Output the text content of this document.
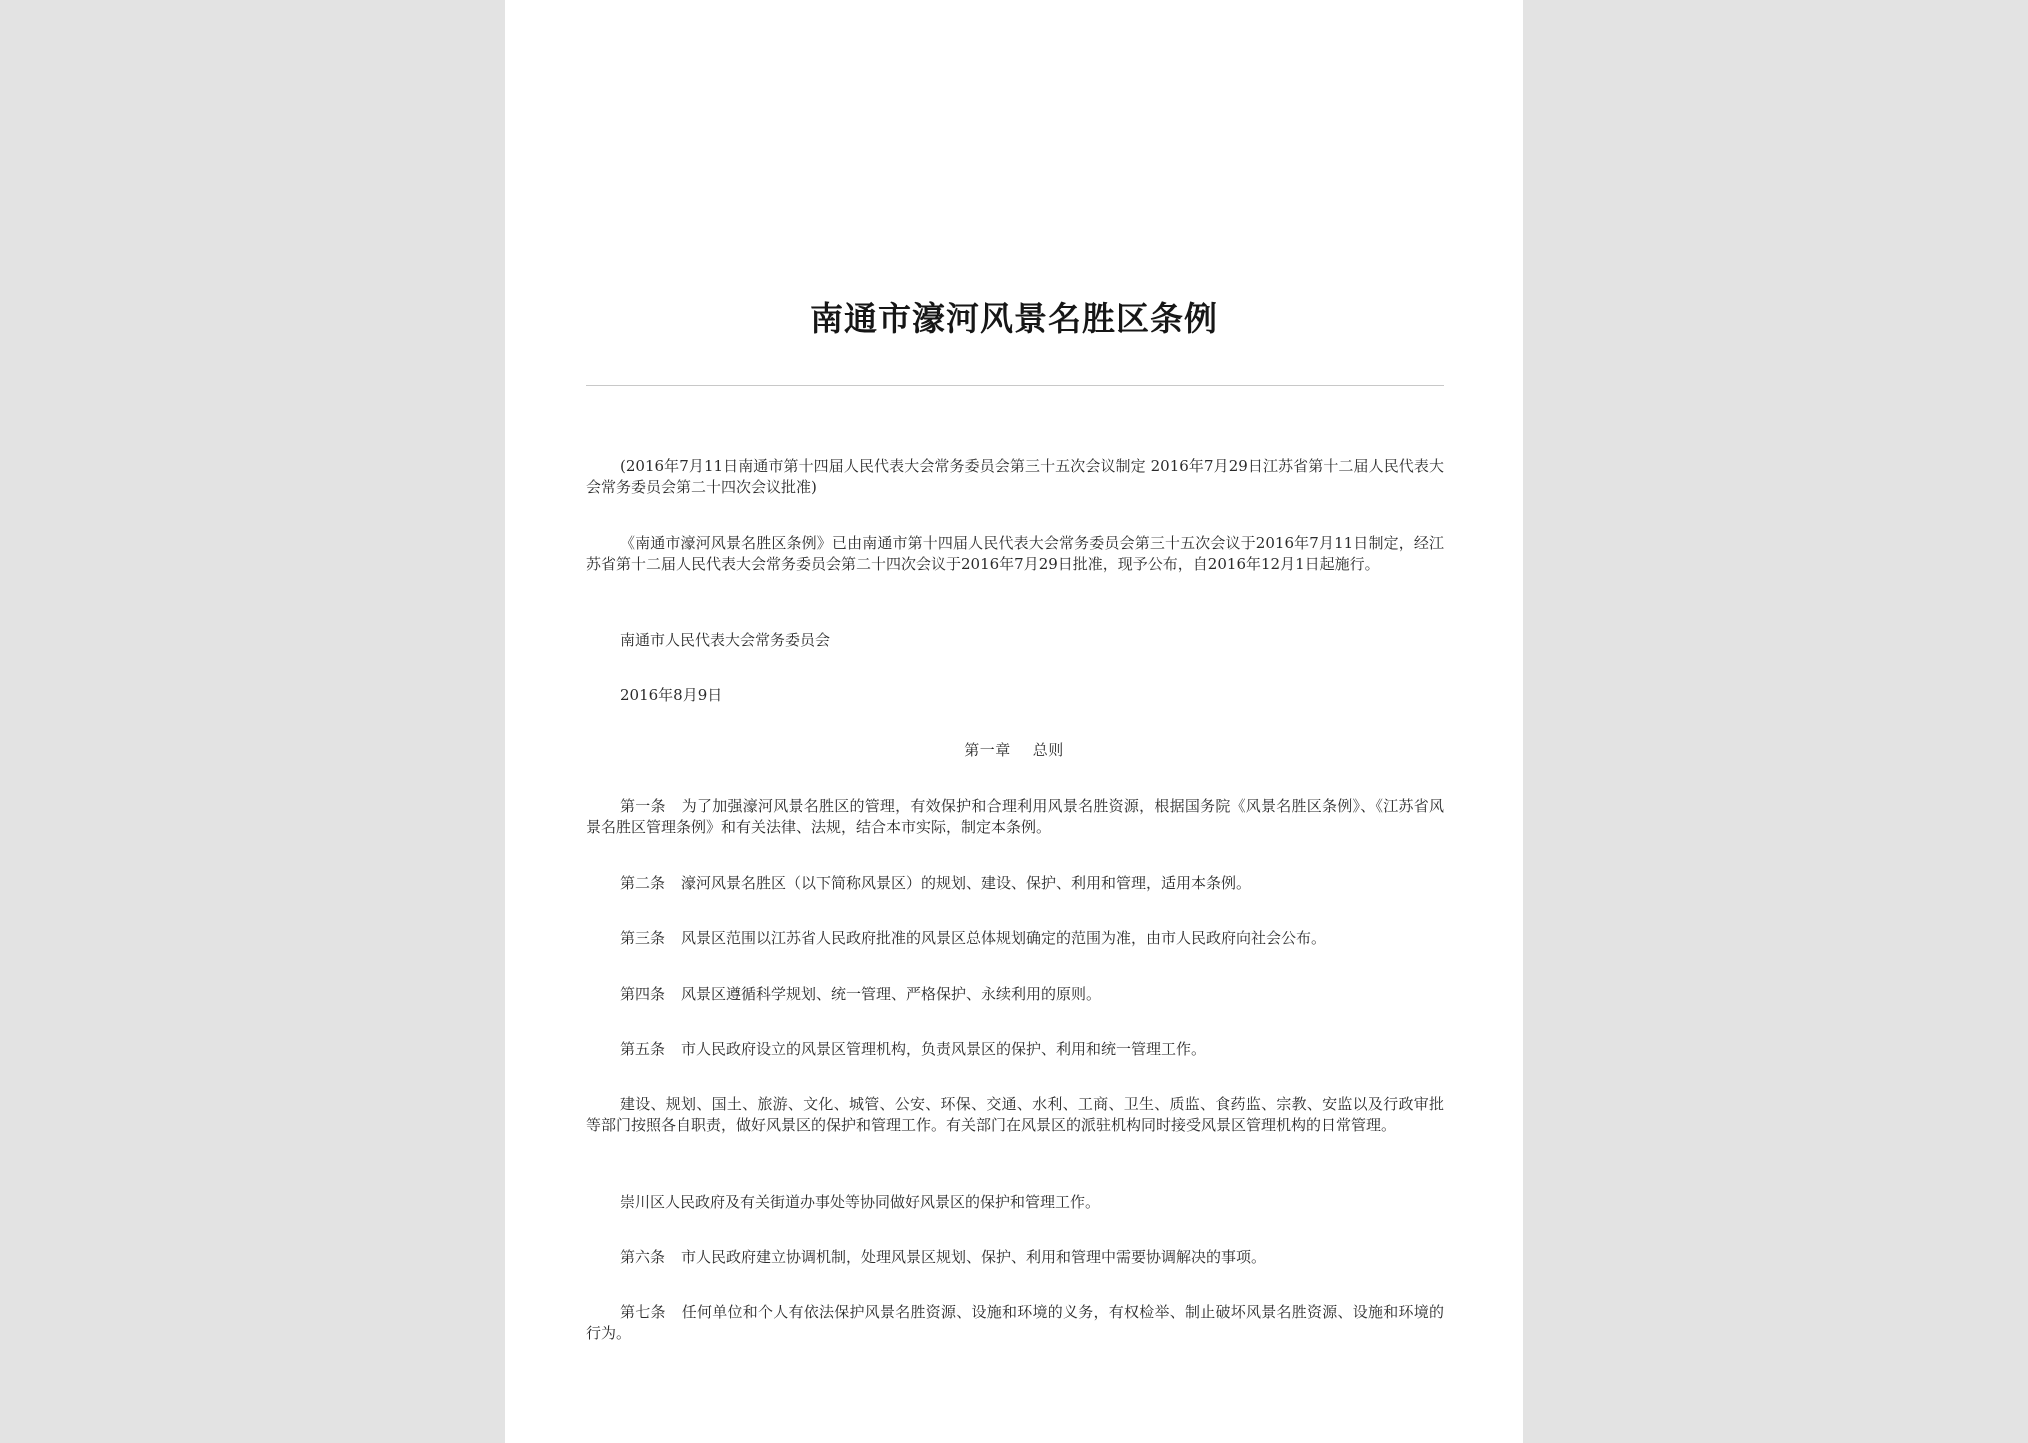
南通市濠河风景名胜区条例
(2016年7月11日南通市第十四届人民代表大会常务委员会第三十五次会议制定 2016年7月29日江苏省第十二届人民代表大会常务委员会第二十四次会议批准)
《南通市濠河风景名胜区条例》已由南通市第十四届人民代表大会常务委员会第三十五次会议于2016年7月11日制定，经江苏省第十二届人民代表大会常务委员会第二十四次会议于2016年7月29日批准，现予公布，自2016年12月1日起施行。
南通市人民代表大会常务委员会
2016年8月9日
第一章 总则
第一条 为了加强濠河风景名胜区的管理，有效保护和合理利用风景名胜资源，根据国务院《风景名胜区条例》、《江苏省风景名胜区管理条例》和有关法律、法规，结合本市实际，制定本条例。
第二条 濠河风景名胜区（以下简称风景区）的规划、建设、保护、利用和管理，适用本条例。
第三条 风景区范围以江苏省人民政府批准的风景区总体规划确定的范围为准，由市人民政府向社会公布。
第四条 风景区遵循科学规划、统一管理、严格保护、永续利用的原则。
第五条 市人民政府设立的风景区管理机构，负责风景区的保护、利用和统一管理工作。
建设、规划、国土、旅游、文化、城管、公安、环保、交通、水利、工商、卫生、质监、食药监、宗教、安监以及行政审批等部门按照各自职责，做好风景区的保护和管理工作。有关部门在风景区的派驻机构同时接受风景区管理机构的日常管理。
崇川区人民政府及有关街道办事处等协同做好风景区的保护和管理工作。
第六条 市人民政府建立协调机制，处理风景区规划、保护、利用和管理中需要协调解决的事项。
第七条 任何单位和个人有依法保护风景名胜资源、设施和环境的义务，有权检举、制止破坏风景名胜资源、设施和环境的行为。
